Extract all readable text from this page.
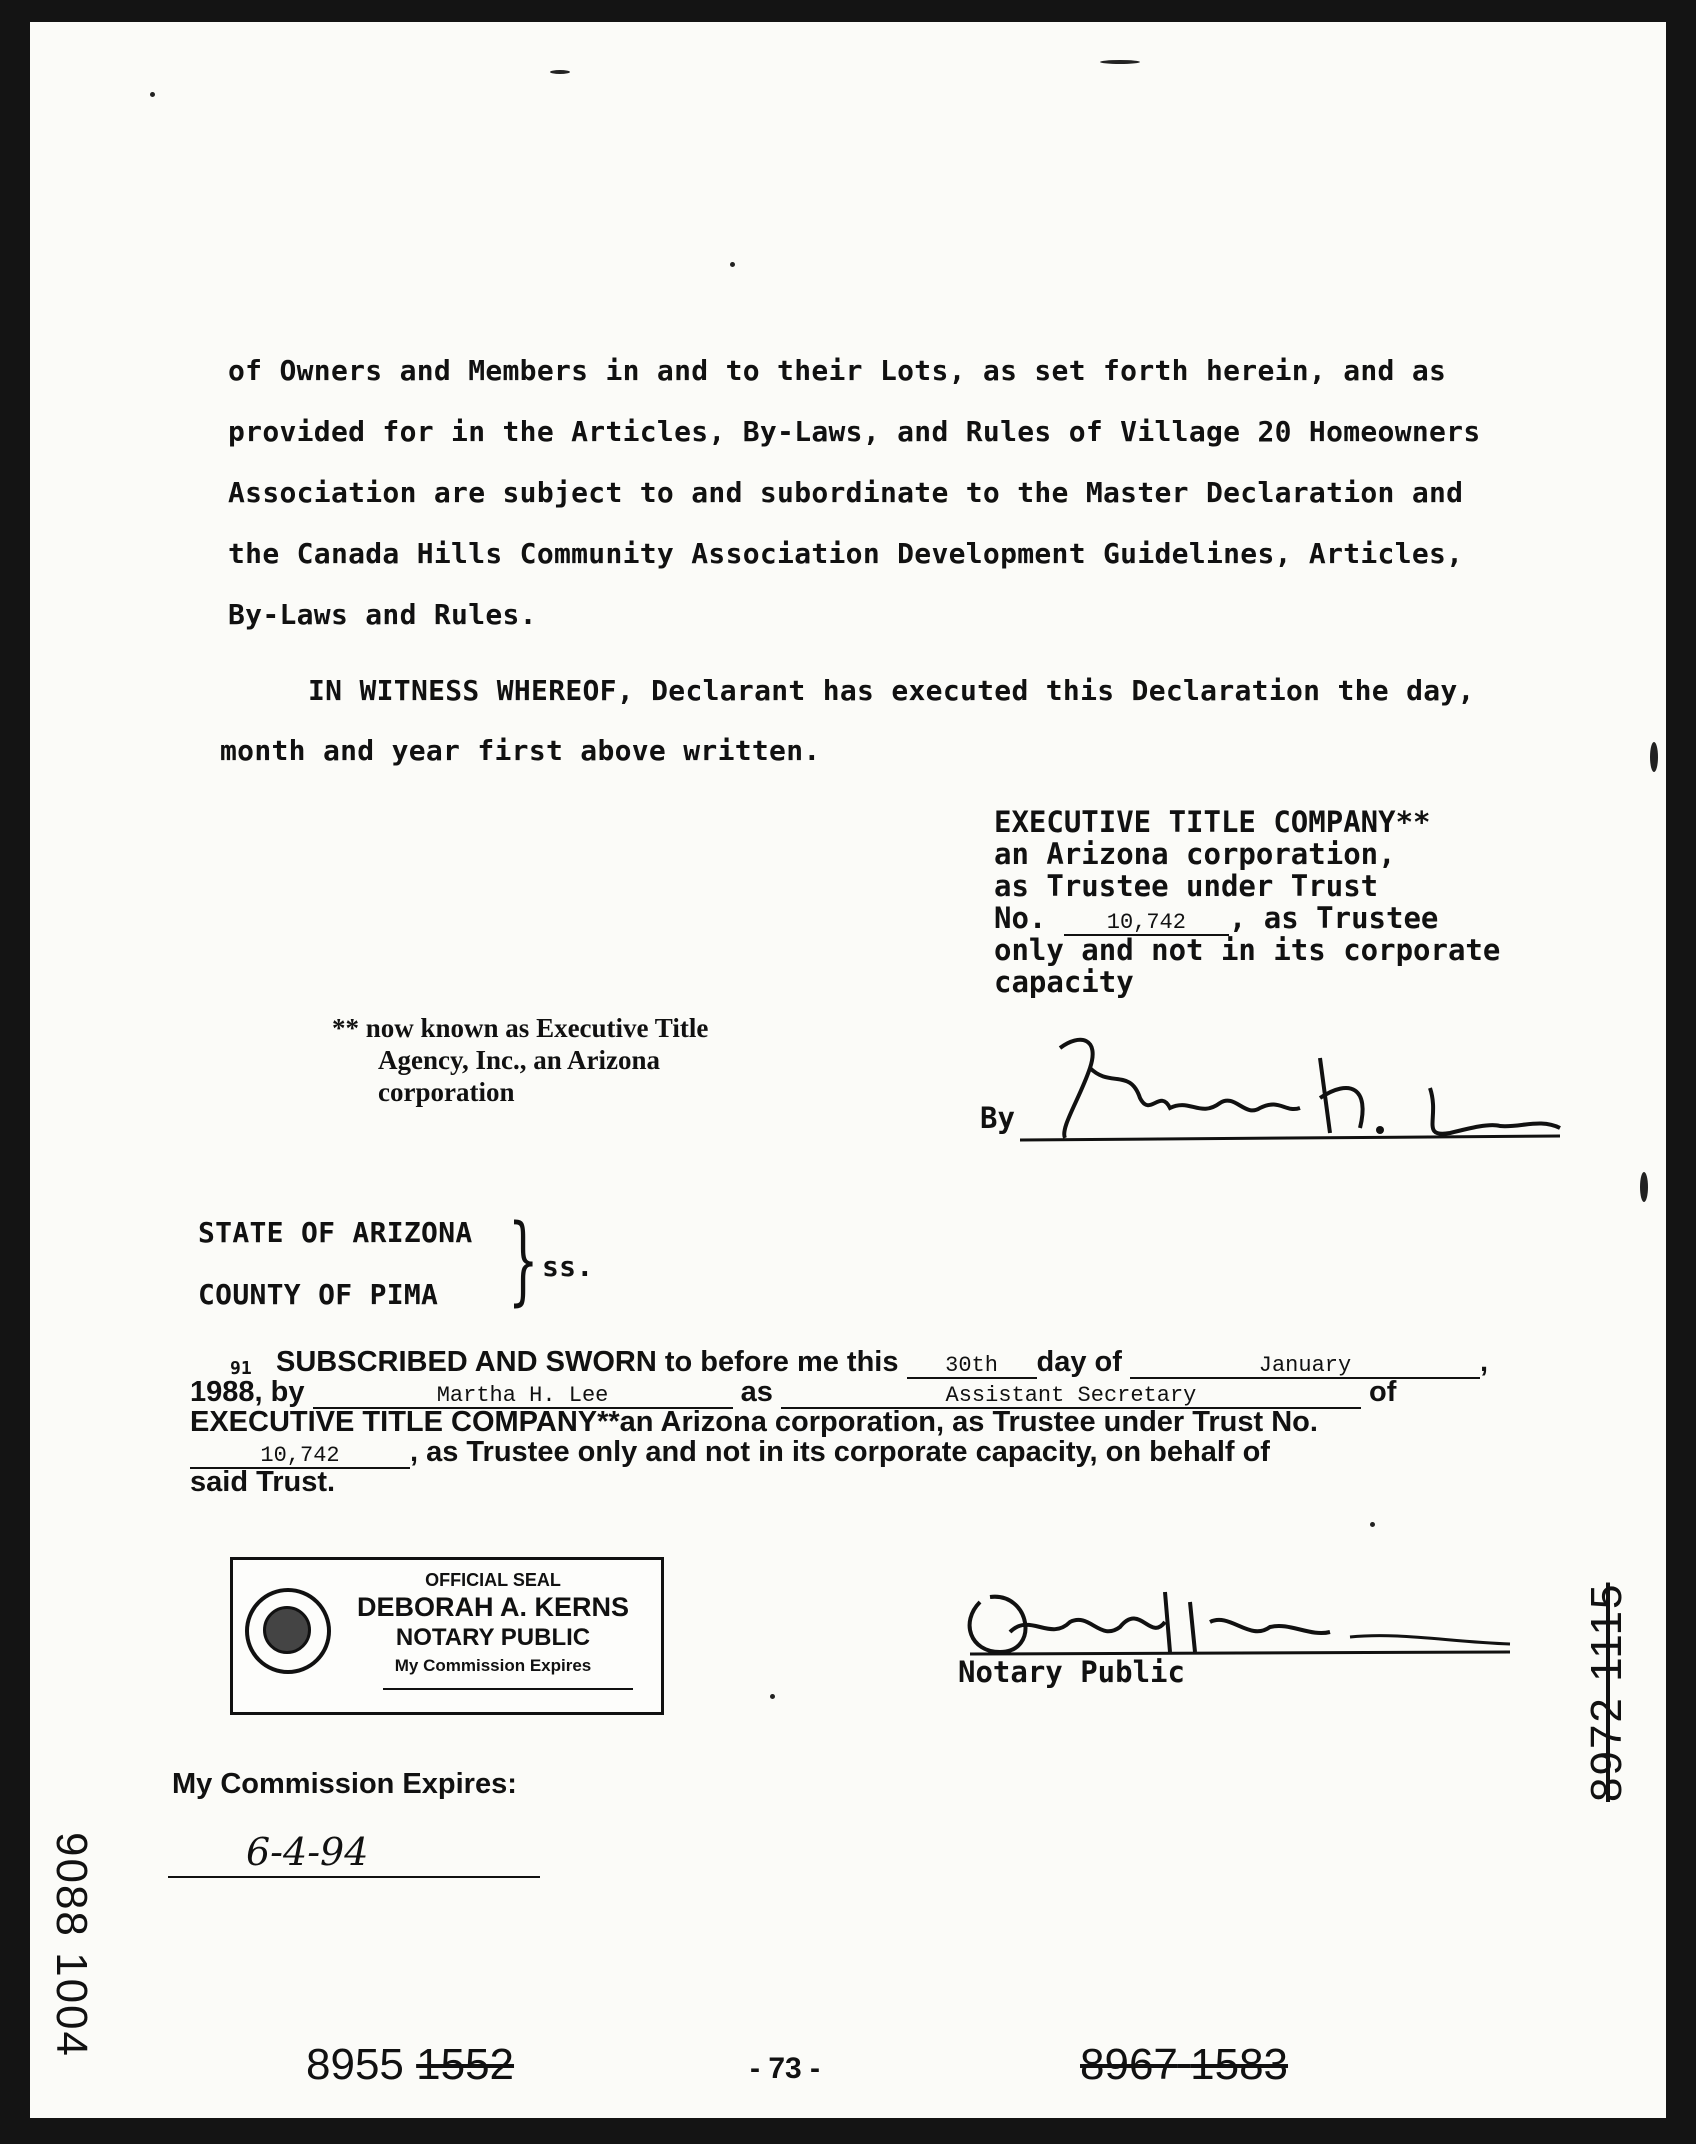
of Owners and Members in and to their Lots, as set forth herein, and as
provided for in the Articles, By-Laws, and Rules of Village 20 Homeowners
Association are subject to and subordinate to the Master Declaration and
the Canada Hills Community Association Development Guidelines, Articles,
By-Laws and Rules.
IN WITNESS WHEREOF, Declarant has executed this Declaration the day,
month and year first above written.
EXECUTIVE TITLE COMPANY**
an Arizona corporation,
as Trustee under Trust
No.	10,742 , as Trustee
only and not in its corporate
capacity
** now known as Executive Title
Agency, Inc., an Arizona
corporation
By
STATE OF ARIZONA
COUNTY OF PIMA } ss.
91 SUBSCRIBED AND SWORN to before me this 30th day of	January	,
1988, by	Martha H. Lee	as	Assistant Secretary	of
EXECUTIVE TITLE COMPANY**an Arizona corporation, as Trustee under Trust No.
10,742 , as Trustee only and not in its corporate capacity, on behalf of
said Trust.
OFFICIAL SEAL
DEBORAH A. KERNS
NOTARY PUBLIC
My Commission Expires	Notary Public
My Commission Expires:
6-4-94
9088 1004
8972 1115
8955 1552	- 73 -	8967 1583
